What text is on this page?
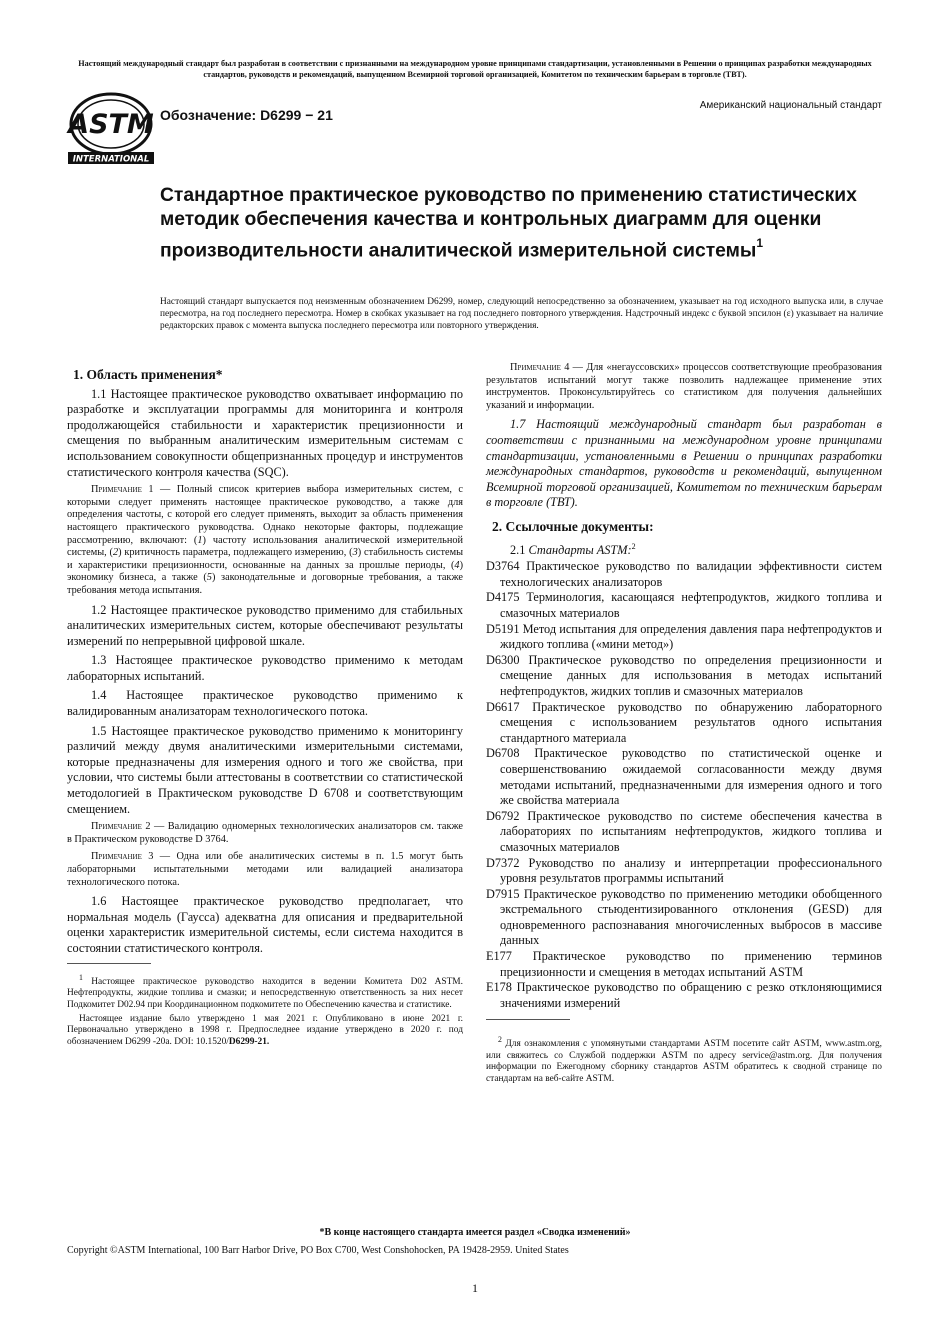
Настоящий международный стандарт был разработан в соответствии с признанными на международном уровне принципами стандартизации, установленными в Решении о принципах разработки международных стандартов, руководств и рекомендаций, выпущенном Всемирной торговой организацией, Комитетом по техническим барьерам в торговле (ТВТ).
ASTM
INTERNATIONAL
Обозначение: D6299 − 21
Американский национальный стандарт
Стандартное практическое руководство по применению статистических методик обеспечения качества и контрольных диаграмм для оценки производительности аналитической измерительной системы$^1$
Настоящий стандарт выпускается под неизменным обозначением D6299, номер, следующий непосредственно за обозначением, указывает на год исходного выпуска или, в случае пересмотра, на год последнего пересмотра. Номер в скобках указывает на год последнего повторного утверждения. Надстрочный индекс с буквой эпсилон (ε) указывает на наличие редакторских правок с момента выпуска последнего пересмотра или повторного утверждения.
1. Область применения*

1.1 Настоящее практическое руководство охватывает информацию по разработке и эксплуатации программы для мониторинга и контроля продолжающейся стабильности и характеристик прецизионности и смещения по выбранным аналитическим измерительным системам с использованием совокупности общепризнанных процедур и инструментов статистического контроля качества (SQC).

Примечание 1 — Полный список критериев выбора измерительных систем, с которыми следует применять настоящее практическое руководство, а также для определения частоты, с которой его следует применять, выходит за область применения настоящего практического руководства. Однако некоторые факторы, подлежащие рассмотрению, включают: (1) частоту использования аналитической измерительной системы, (2) критичность параметра, подлежащего измерению, (3) стабильность системы и характеристики прецизионности, основанные на данных за прошлые периоды, (4) экономику бизнеса, а также (5) законодательные и договорные требования, а также требования метода испытания.

1.2 Настоящее практическое руководство применимо для стабильных аналитических измерительных систем, которые обеспечивают результаты измерений по непрерывной цифровой шкале.

1.3 Настоящее практическое руководство применимо к методам лабораторных испытаний.

1.4 Настоящее практическое руководство применимо к валидированным анализаторам технологического потока.

1.5 Настоящее практическое руководство применимо к мониторингу различий между двумя аналитическими измерительными системами, которые предназначены для измерения одного и того же свойства, при условии, что системы были аттестованы в соответствии со статистической методологией в Практическом руководстве D 6708 и соответствующим смещением.

Примечание 2 — Валидацию одномерных технологических анализаторов см. также в Практическом руководстве D 3764.

Примечание 3 — Одна или обе аналитических системы в п. 1.5 могут быть лабораторными испытательными методами или валидацией анализатора технологического потока.

1.6 Настоящее практическое руководство предполагает, что нормальная модель (Гаусса) адекватна для описания и предварительной оценки характеристик измерительной системы, если система находится в состоянии статистического контроля.

$^1$ Настоящее практическое руководство находится в ведении Комитета D02 ASTM. Нефтепродукты, жидкие топлива и смазки; и непосредственную ответственность за них несет Подкомитет D02.94 при Координационном подкомитете по Обеспечению качества и статистике.

Настоящее издание было утверждено 1 мая 2021 г. Опубликовано в июне 2021 г. Первоначально утверждено в 1998 г. Предпоследнее издание утверждено в 2020 г. под обозначением D6299 -20a. DOI: 10.1520/D6299-21.

Примечание 4 — Для «негауссовских» процессов соответствующие преобразования результатов испытаний могут также позволить надлежащее применение этих инструментов. Проконсультируйтесь со статистиком для получения дальнейших указаний и информации.

1.7 Настоящий международный стандарт был разработан в соответствии с признанными на международном уровне принципами стандартизации, установленными в Решении о принципах разработки международных стандартов, руководств и рекомендаций, выпущенном Всемирной торговой организацией, Комитетом по техническим барьерам в торговле (ТВТ).

2. Ссылочные документы:

2.1 Стандарты ASTM:$^2$

D3764 Практическое руководство по валидации эффективности систем технологических анализаторов

D4175 Терминология, касающаяся нефтепродуктов, жидкого топлива и смазочных материалов

D5191 Метод испытания для определения давления пара нефтепродуктов и жидкого топлива («мини метод»)

D6300 Практическое руководство по определения прецизионности и смещение данных для использования в методах испытаний нефтепродуктов, жидких топлив и смазочных материалов

D6617 Практическое руководство по обнаружению лабораторного смещения с использованием результатов одного испытания стандартного материала

D6708 Практическое руководство по статистической оценке и совершенствованию ожидаемой согласованности между двумя методами испытаний, предназначенными для измерения одного и того же свойства материала

D6792 Практическое руководство по системе обеспечения качества в лабораториях по испытаниям нефтепродуктов, жидкого топлива и смазочных материалов

D7372 Руководство по анализу и интерпретации профессионального уровня результатов программы испытаний

D7915 Практическое руководство по применению методики обобщенного экстремального стьюдентизированного отклонения (GESD) для одновременного распознавания многочисленных выбросов в массиве данных

E177 Практическое руководство по применению терминов прецизионности и смещения в методах испытаний ASTM

E178 Практическое руководство по обращению с резко отклоняющимися значениями измерений

$^2$ Для ознакомления с упомянутыми стандартами ASTM посетите сайт ASTM, www.astm.org, или свяжитесь со Службой поддержки ASTM по адресу service@astm.org. Для получения информации по Ежегодному сборнику стандартов ASTM обратитесь к сводной странице по стандартам на веб-сайте ASTM.

*В конце настоящего стандарта имеется раздел «Сводка изменений»
Copyright ©ASTM International, 100 Barr Harbor Drive, PO Box C700, West Conshohocken, PA 19428-2959. United States
1
